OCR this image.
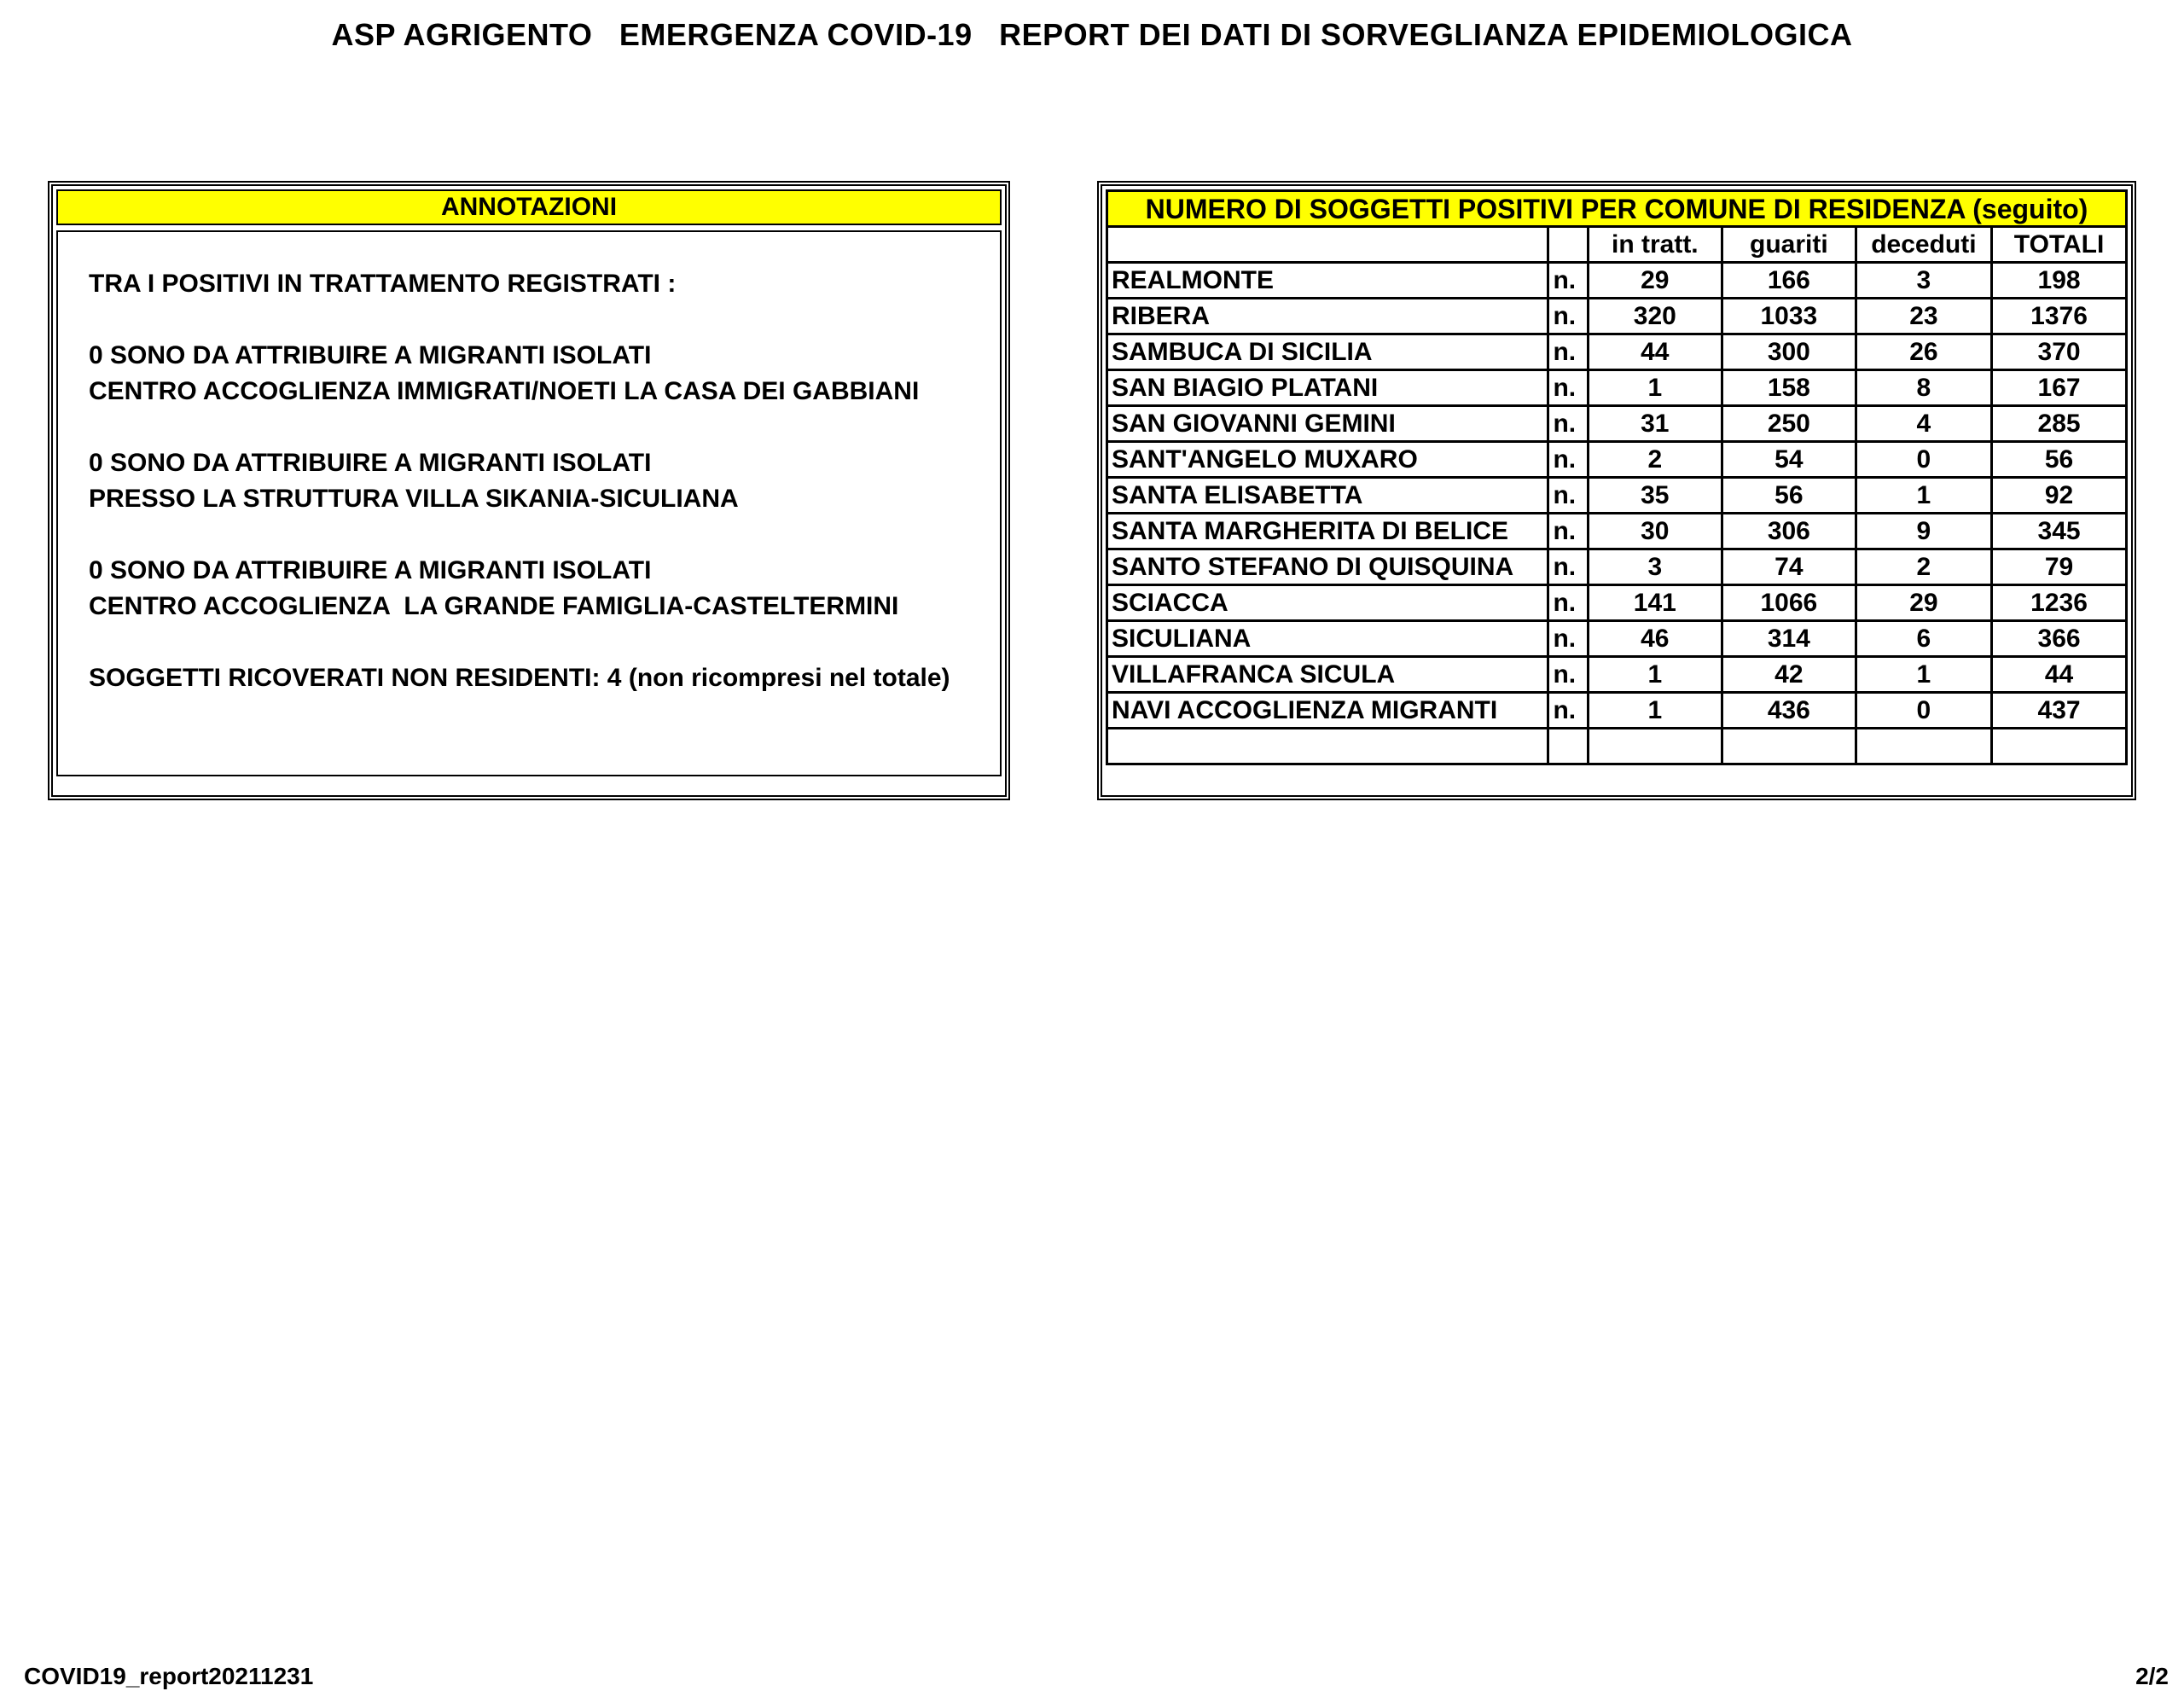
ASP AGRIGENTO   EMERGENZA COVID-19   REPORT DEI DATI DI SORVEGLIANZA EPIDEMIOLOGICA
ANNOTAZIONI
TRA I POSITIVI IN TRATTAMENTO REGISTRATI :
0 SONO DA ATTRIBUIRE A MIGRANTI ISOLATI
CENTRO ACCOGLIENZA IMMIGRATI/NOETI LA CASA DEI GABBIANI
0 SONO DA ATTRIBUIRE A MIGRANTI ISOLATI
PRESSO LA STRUTTURA VILLA SIKANIA-SICULIANA
0 SONO DA ATTRIBUIRE A MIGRANTI ISOLATI
CENTRO ACCOGLIENZA  LA GRANDE FAMIGLIA-CASTELTERMINI
SOGGETTI RICOVERATI NON RESIDENTI: 4 (non ricompresi nel totale)
NUMERO DI SOGGETTI POSITIVI PER COMUNE DI RESIDENZA (seguito)					
		in tratt.	guariti	deceduti	TOTALI
REALMONTE	n.	29	166	3	198
RIBERA	n.	320	1033	23	1376
SAMBUCA DI SICILIA	n.	44	300	26	370
SAN BIAGIO PLATANI	n.	1	158	8	167
SAN GIOVANNI GEMINI	n.	31	250	4	285
SANT'ANGELO MUXARO	n.	2	54	0	56
SANTA ELISABETTA	n.	35	56	1	92
SANTA MARGHERITA DI BELICE	n.	30	306	9	345
SANTO STEFANO DI QUISQUINA	n.	3	74	2	79
SCIACCA	n.	141	1066	29	1236
SICULIANA	n.	46	314	6	366
VILLAFRANCA SICULA	n.	1	42	1	44
NAVI ACCOGLIENZA MIGRANTI	n.	1	436	0	437

COVID19_report20211231	2/2
